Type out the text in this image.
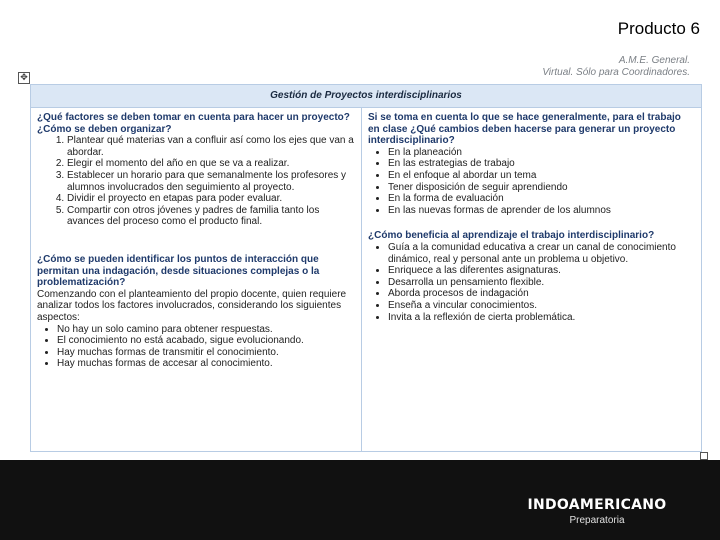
Producto 6
A.M.E. General.
Virtual. Sólo para Coordinadores.
✥
Gestión de Proyectos interdisciplinarios

¿Qué factores se deben tomar en cuenta para hacer un proyecto? ¿Cómo se deben organizar?

1. Plantear qué materias van a confluir así como los ejes que van a abordar.
2. Elegir el momento del año en que se va a realizar.
3. Establecer un horario para que semanalmente los profesores y alumnos involucrados den seguimiento al proyecto.
4. Dividir el proyecto en etapas para poder evaluar.
5. Compartir con otros jóvenes y padres de familia tanto los avances del proceso como el producto final.

¿Cómo se pueden identificar los puntos de interacción que permitan una indagación, desde situaciones complejas o la problematización?

Comenzando con el planteamiento del propio docente, quien requiere analizar todos los factores involucrados, considerando los siguientes aspectos:

• No hay un solo camino para obtener respuestas.
• El conocimiento no está acabado, sigue evolucionando.
• Hay muchas formas de transmitir el conocimiento.
• Hay muchas formas de accesar al conocimiento.

Si se toma en cuenta lo que se hace generalmente, para el trabajo en clase ¿Qué cambios deben hacerse para generar un proyecto interdisciplinario?

• En la planeación
• En las estrategias de trabajo
• En el enfoque al abordar un tema
• Tener disposición de seguir aprendiendo
• En la forma de evaluación
• En las nuevas formas de aprender de los alumnos

¿Cómo beneficia al aprendizaje el trabajo interdisciplinario?

• Guía a la comunidad educativa a crear un canal de conocimiento dinámico, real y personal ante un problema u objetivo.
• Enriquece a las diferentes asignaturas.
• Desarrolla un pensamiento flexible.
• Aborda procesos de indagación
• Enseña a vincular conocimientos.
• Invita a la reflexión de cierta problemática.
INDOAMERICANO
Preparatoria
